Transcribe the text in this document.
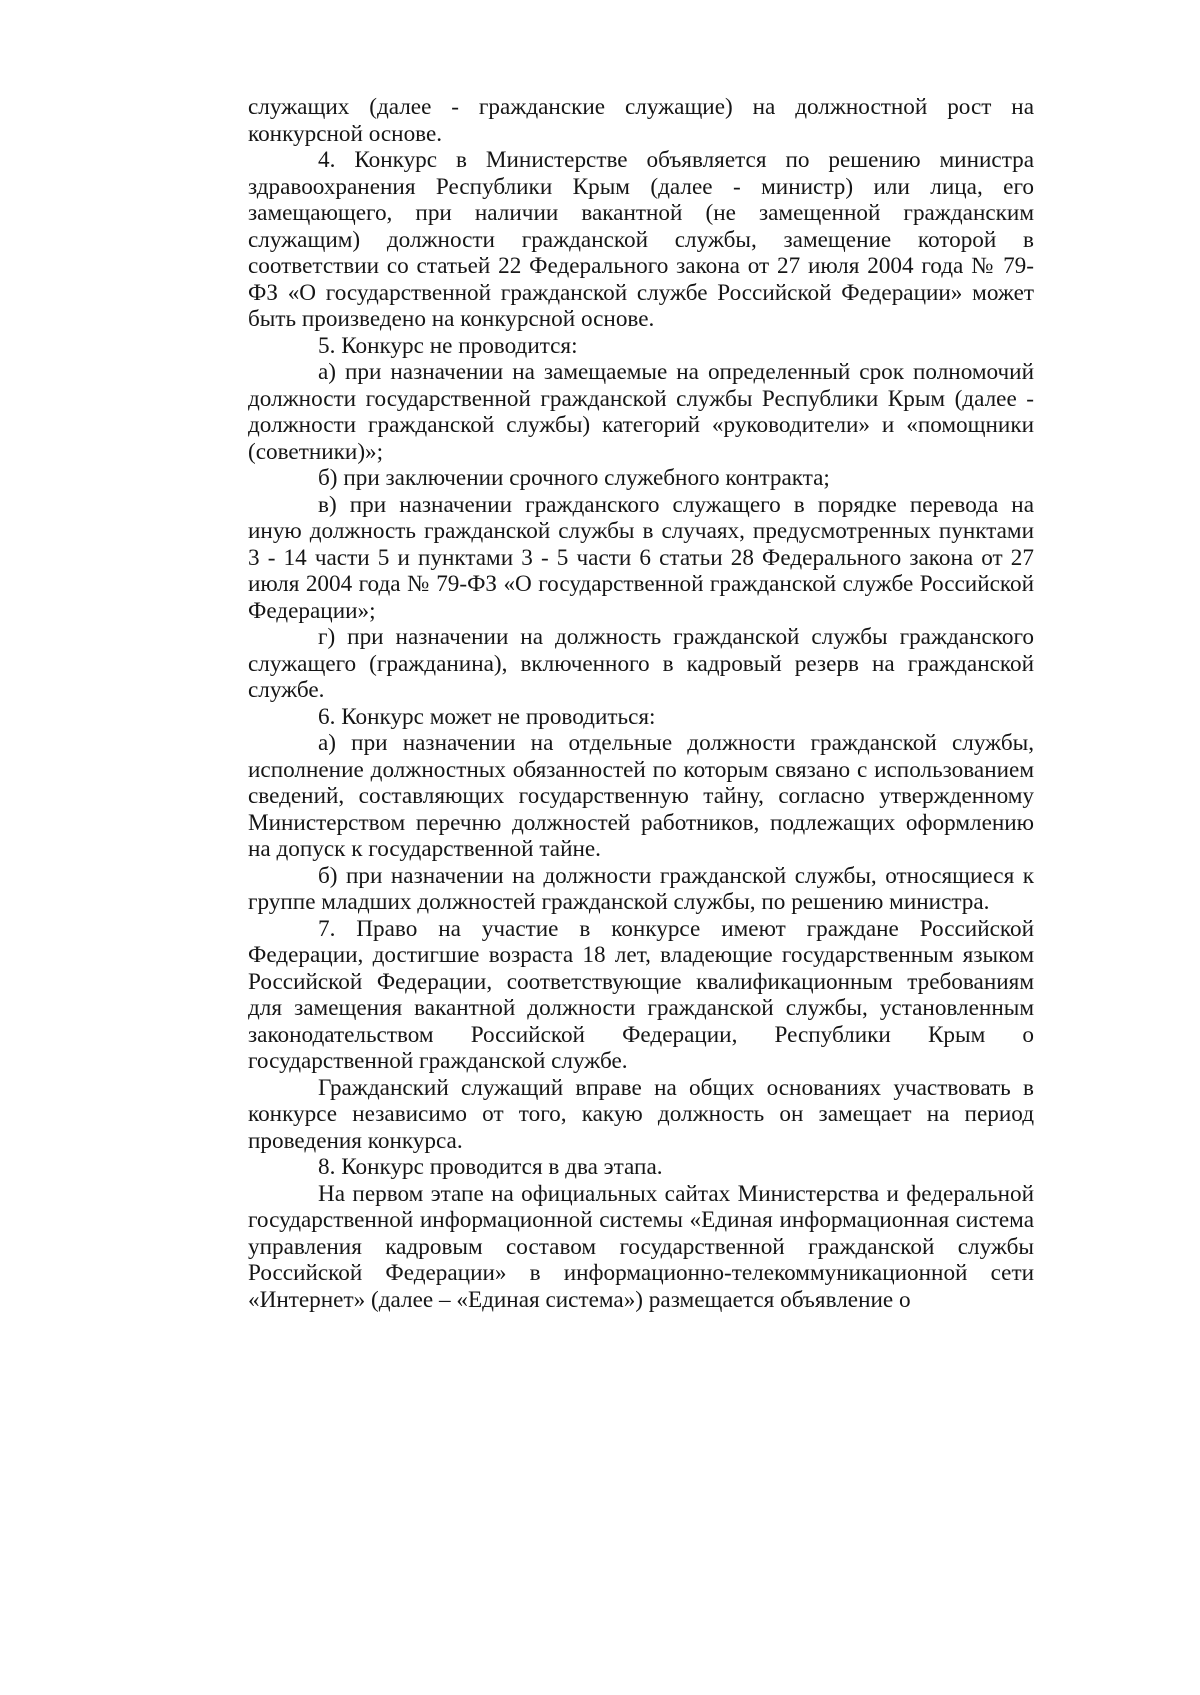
служащих (далее - гражданские служащие) на должностной рост на конкурсной основе.

4. Конкурс в Министерстве объявляется по решению министра здравоохранения Республики Крым (далее - министр) или лица, его замещающего, при наличии вакантной (не замещенной гражданским служащим) должности гражданской службы, замещение которой в соответствии со статьей 22 Федерального закона от 27 июля 2004 года № 79-ФЗ «О государственной гражданской службе Российской Федерации» может быть произведено на конкурсной основе.

5. Конкурс не проводится:

а) при назначении на замещаемые на определенный срок полномочий должности государственной гражданской службы Республики Крым (далее - должности гражданской службы) категорий «руководители» и «помощники (советники)»;

б) при заключении срочного служебного контракта;

в) при назначении гражданского служащего в порядке перевода на иную должность гражданской службы в случаях, предусмотренных пунктами 3 - 14 части 5 и пунктами 3 - 5 части 6 статьи 28 Федерального закона от 27 июля 2004 года № 79-ФЗ «О государственной гражданской службе Российской Федерации»;

г) при назначении на должность гражданской службы гражданского служащего (гражданина), включенного в кадровый резерв на гражданской службе.

6. Конкурс может не проводиться:

а) при назначении на отдельные должности гражданской службы, исполнение должностных обязанностей по которым связано с использованием сведений, составляющих государственную тайну, согласно утвержденному Министерством перечню должностей работников, подлежащих оформлению на допуск к государственной тайне.

б) при назначении на должности гражданской службы, относящиеся к группе младших должностей гражданской службы, по решению министра.

7. Право на участие в конкурсе имеют граждане Российской Федерации, достигшие возраста 18 лет, владеющие государственным языком Российской Федерации, соответствующие квалификационным требованиям для замещения вакантной должности гражданской службы, установленным законодательством Российской Федерации, Республики Крым о государственной гражданской службе.

Гражданский служащий вправе на общих основаниях участвовать в конкурсе независимо от того, какую должность он замещает на период проведения конкурса.

8. Конкурс проводится в два этапа.

На первом этапе на официальных сайтах Министерства и федеральной государственной информационной системы «Единая информационная система управления кадровым составом государственной гражданской службы Российской Федерации» в информационно-телекоммуникационной сети «Интернет» (далее – «Единая система») размещается объявление о
